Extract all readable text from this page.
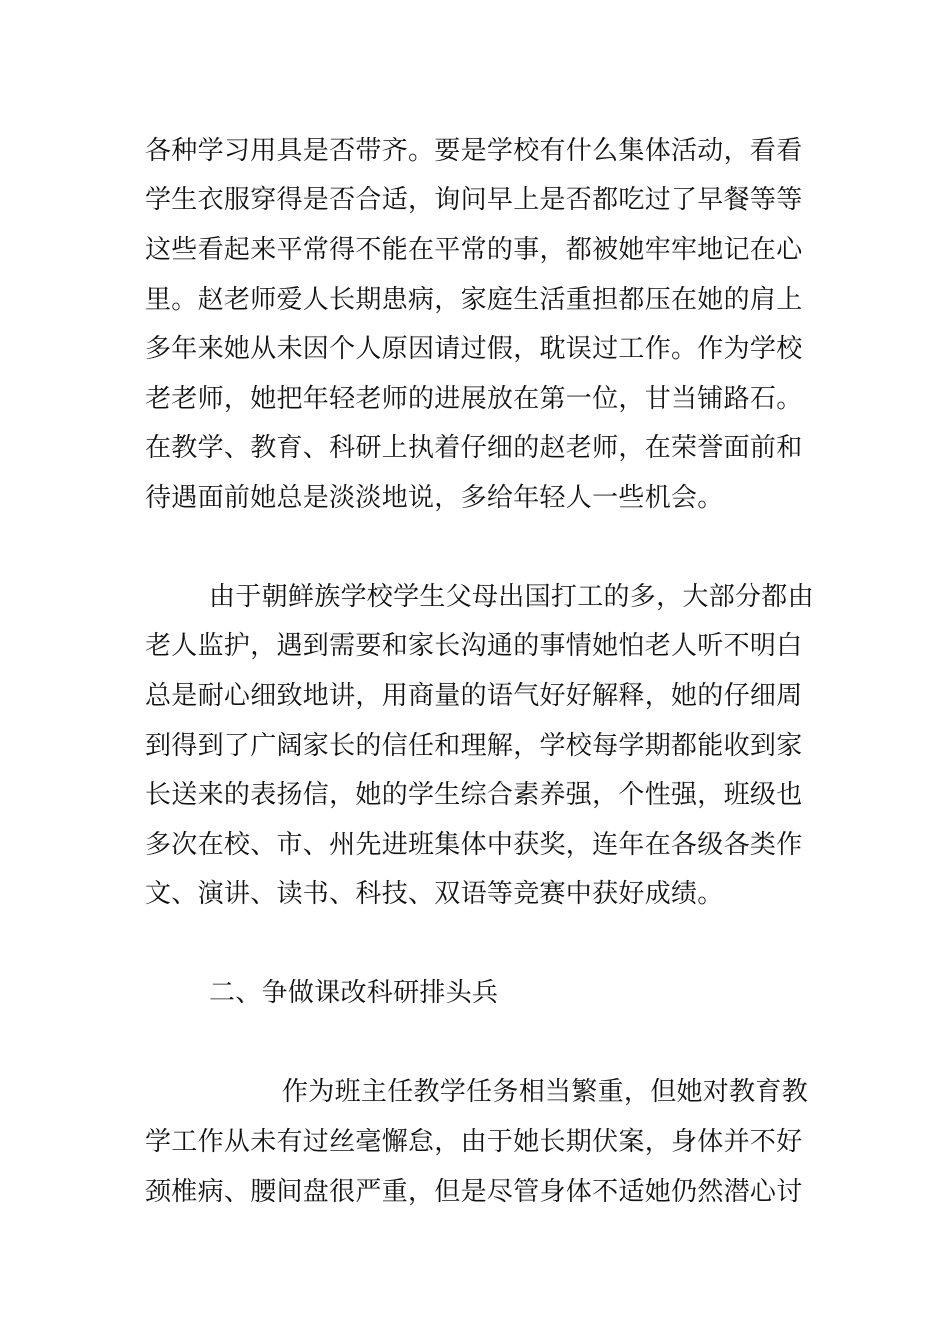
各种学习用具是否带齐。要是学校有什么集体活动，看看
学生衣服穿得是否合适，询问早上是否都吃过了早餐等等
这些看起来平常得不能在平常的事，都被她牢牢地记在心
里。赵老师爱人长期患病，家庭生活重担都压在她的肩上
多年来她从未因个人原因请过假，耽误过工作。作为学校
老老师，她把年轻老师的进展放在第一位，甘当铺路石。
在教学、教育、科研上执着仔细的赵老师，在荣誉面前和
待遇面前她总是淡淡地说，多给年轻人一些机会。
由于朝鲜族学校学生父母出国打工的多，大部分都由
老人监护，遇到需要和家长沟通的事情她怕老人听不明白
总是耐心细致地讲，用商量的语气好好解释，她的仔细周
到得到了广阔家长的信任和理解，学校每学期都能收到家
长送来的表扬信，她的学生综合素养强，个性强，班级也
多次在校、市、州先进班集体中获奖，连年在各级各类作
文、演讲、读书、科技、双语等竞赛中获好成绩。
二、争做课改科研排头兵
作为班主任教学任务相当繁重，但她对教育教
学工作从未有过丝毫懈怠，由于她长期伏案，身体并不好
颈椎病、腰间盘很严重，但是尽管身体不适她仍然潜心讨
